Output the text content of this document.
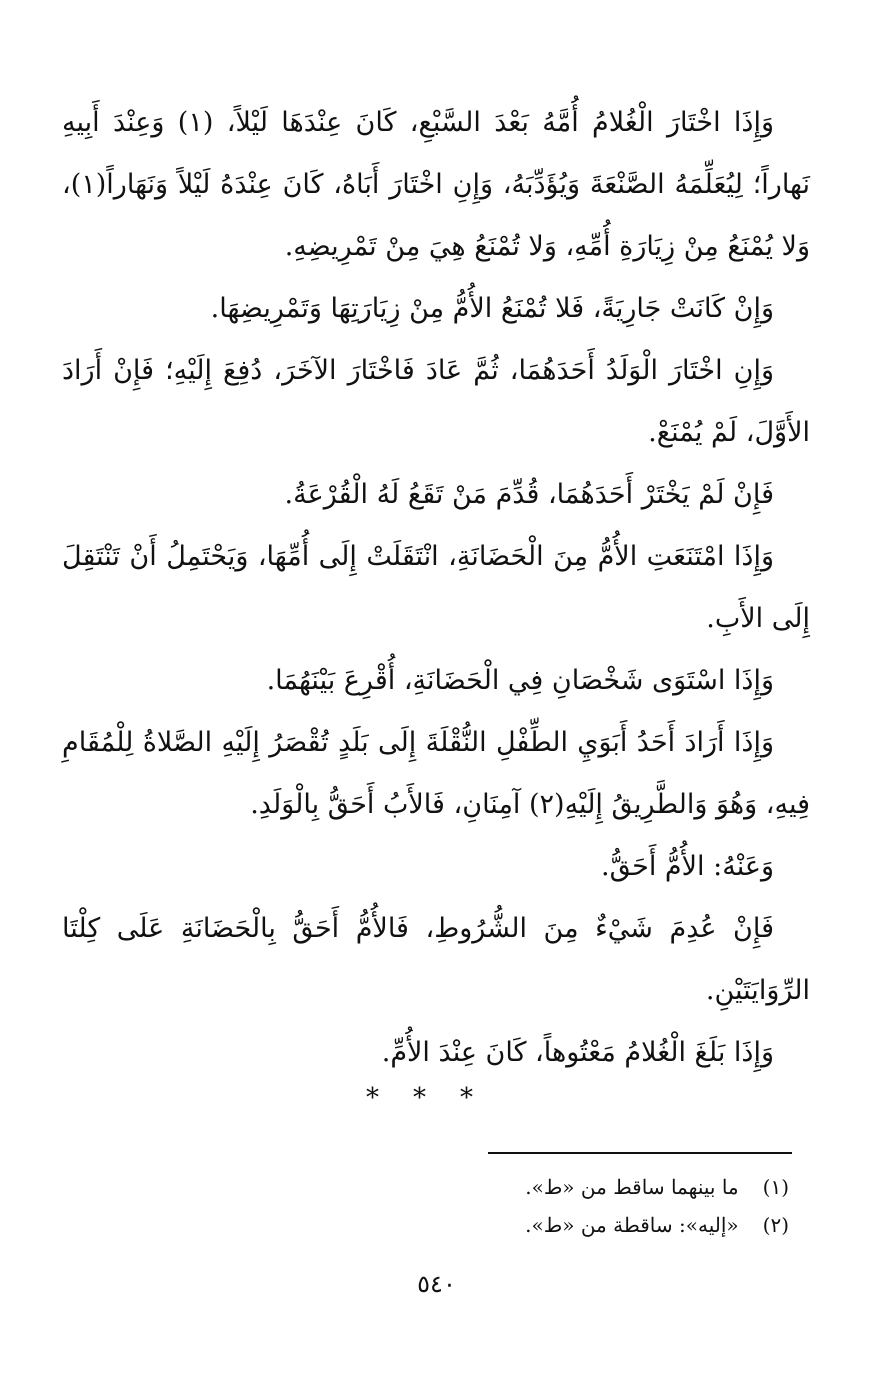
وَإِذَا اخْتَارَ الْغُلامُ أُمَّهُ بَعْدَ السَّبْعِ، كَانَ عِنْدَهَا لَيْلاً، (١) وَعِنْدَ أَبِيهِ نَهاراً؛ لِيُعَلِّمَهُ الصَّنْعَةَ وَيُؤَدِّبَهُ، وَإِنِ اخْتَارَ أَبَاهُ، كَانَ عِنْدَهُ لَيْلاً وَنَهَاراً(١)، وَلا يُمْنَعُ مِنْ زِيَارَةِ أُمِّهِ، وَلا تُمْنَعُ هِيَ مِنْ تَمْرِيضِهِ.

وَإِنْ كَانَتْ جَارِيَةً، فَلا تُمْنَعُ الأُمُّ مِنْ زِيَارَتِهَا وَتَمْرِيضِهَا.

وَإِنِ اخْتَارَ الْوَلَدُ أَحَدَهُمَا، ثُمَّ عَادَ فَاخْتَارَ الآخَرَ، دُفِعَ إِلَيْهِ؛ فَإِنْ أَرَادَ الأَوَّلَ، لَمْ يُمْنَعْ.

فَإِنْ لَمْ يَخْتَرْ أَحَدَهُمَا، قُدِّمَ مَنْ تَقَعُ لَهُ الْقُرْعَةُ.

وَإِذَا امْتَنَعَتِ الأُمُّ مِنَ الْحَضَانَةِ، انْتَقَلَتْ إِلَى أُمِّهَا، وَيَحْتَمِلُ أَنْ تَنْتَقِلَ إِلَى الأَبِ.

وَإِذَا اسْتَوَى شَخْصَانِ فِي الْحَضَانَةِ، أُقْرِعَ بَيْنَهُمَا.

وَإِذَا أَرَادَ أَحَدُ أَبَوَيِ الطِّفْلِ النُّقْلَةَ إِلَى بَلَدٍ تُقْصَرُ إِلَيْهِ الصَّلاةُ لِلْمُقَامِ فِيهِ، وَهُوَ وَالطَّرِيقُ إِلَيْهِ(٢) آمِنَانِ، فَالأَبُ أَحَقُّ بِالْوَلَدِ.

وَعَنْهُ: الأُمُّ أَحَقُّ.

فَإِنْ عُدِمَ شَيْءٌ مِنَ الشُّرُوطِ، فَالأُمُّ أَحَقُّ بِالْحَضَانَةِ عَلَى كِلْتَا الرِّوَايَتَيْنِ.

وَإِذَا بَلَغَ الْغُلامُ مَعْتُوهاً، كَانَ عِنْدَ الأُمِّ.

***

(١) ما بينهما ساقط من «ط».

(٢) «إليه»: ساقطة من «ط».

٥٤٠
